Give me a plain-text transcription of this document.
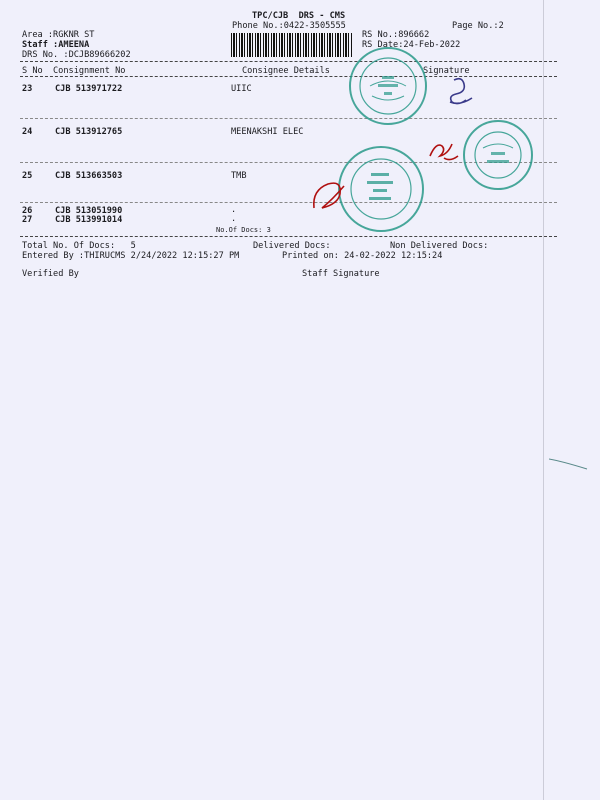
TPC/CJB  DRS - CMS
Phone No.:0422-3505555	Page No.:2
Area :RGKNR ST
Staff :AMEENA
DRS No. :DCJB89666202
RS No.:896662
RS Date:24-Feb-2022
S No Consignment No	Consignee Details	Signature
23	CJB 513971722	UIIC
24	CJB 513912765	MEENAKSHI ELEC
25	CJB 513663503	TMB
26	CJB 513051990	.
27	CJB 513991014	.
No.Of Docs: 3
Total No. Of Docs:   5	Delivered Docs:	Non Delivered Docs:
Entered By :THIRUCMS 2/24/2022 12:15:27 PM	Printed on: 24-02-2022 12:15:24
Verified By	Staff Signature
